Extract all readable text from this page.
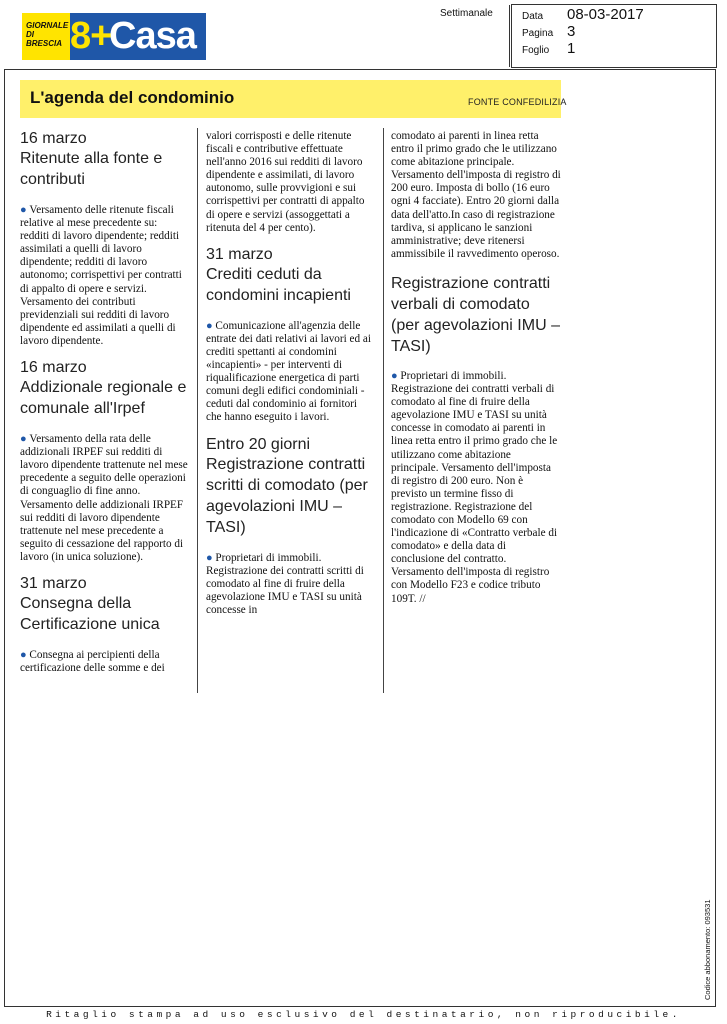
GIORNALE DI BRESCIA 8+
Casa
Settimanale	Data 08-03-2017
Pagina 3
Foglio 1
L'agenda del condominio	FONTE CONFEDILIZIA

16 marzo

Ritenute alla fonte e contributi

● Versamento delle ritenute fiscali relative al mese precedente su: redditi di lavoro dipendente; redditi assimilati a quelli di lavoro dipendente; redditi di lavoro autonomo; corrispettivi per contratti di appalto di opere e servizi. Versamento dei contributi previdenziali sui redditi di lavoro dipendente ed assimilati a quelli di lavoro dipendente.

16 marzo

Addizionale regionale e comunale all'Irpef

● Versamento della rata delle addizionali IRPEF sui redditi di lavoro dipendente trattenute nel mese precedente a seguito delle operazioni di conguaglio di fine anno. Versamento delle addizionali IRPEF sui redditi di lavoro dipendente trattenute nel mese precedente a seguito di cessazione del rapporto di lavoro (in unica soluzione).

31 marzo

Consegna della Certificazione unica

● Consegna ai percipienti della certificazione delle somme e dei

valori corrisposti e delle ritenute fiscali e contributive effettuate nell'anno 2016 sui redditi di lavoro dipendente e assimilati, di lavoro autonomo, sulle provvigioni e sui corrispettivi per contratti di appalto di opere e servizi (assoggettati a ritenuta del 4 per cento).

31 marzo

Crediti ceduti da condomini incapienti

● Comunicazione all'agenzia delle entrate dei dati relativi ai lavori ed ai crediti spettanti ai condomini «incapienti» - per interventi di riqualificazione energetica di parti comuni degli edifici condominiali - ceduti dal condominio ai fornitori che hanno eseguito i lavori.

Entro 20 giorni

Registrazione contratti scritti di comodato (per agevolazioni IMU – TASI)

● Proprietari di immobili. Registrazione dei contratti scritti di comodato al fine di fruire della agevolazione IMU e TASI su unità concesse in

comodato ai parenti in linea retta entro il primo grado che le utilizzano come abitazione principale. Versamento dell'imposta di registro di 200 euro. Imposta di bollo (16 euro ogni 4 facciate). Entro 20 giorni dalla data dell'atto.In caso di registrazione tardiva, si applicano le sanzioni amministrative; deve ritenersi ammissibile il ravvedimento operoso.

Registrazione contratti verbali di comodato (per agevolazioni IMU – TASI)

● Proprietari di immobili. Registrazione dei contratti verbali di comodato al fine di fruire della agevolazione IMU e TASI su unità concesse in comodato ai parenti in linea retta entro il primo grado che le utilizzano come abitazione principale. Versamento dell'imposta di registro di 200 euro. Non è previsto un termine fisso di registrazione. Registrazione del comodato con Modello 69 con l'indicazione di «Contratto verbale di comodato» e della data di conclusione del contratto. Versamento dell'imposta di registro con Modello F23 e codice tributo 109T. //

Codice abbonamento: 093531
Ritaglio stampa ad uso esclusivo del destinatario, non riproducibile.
